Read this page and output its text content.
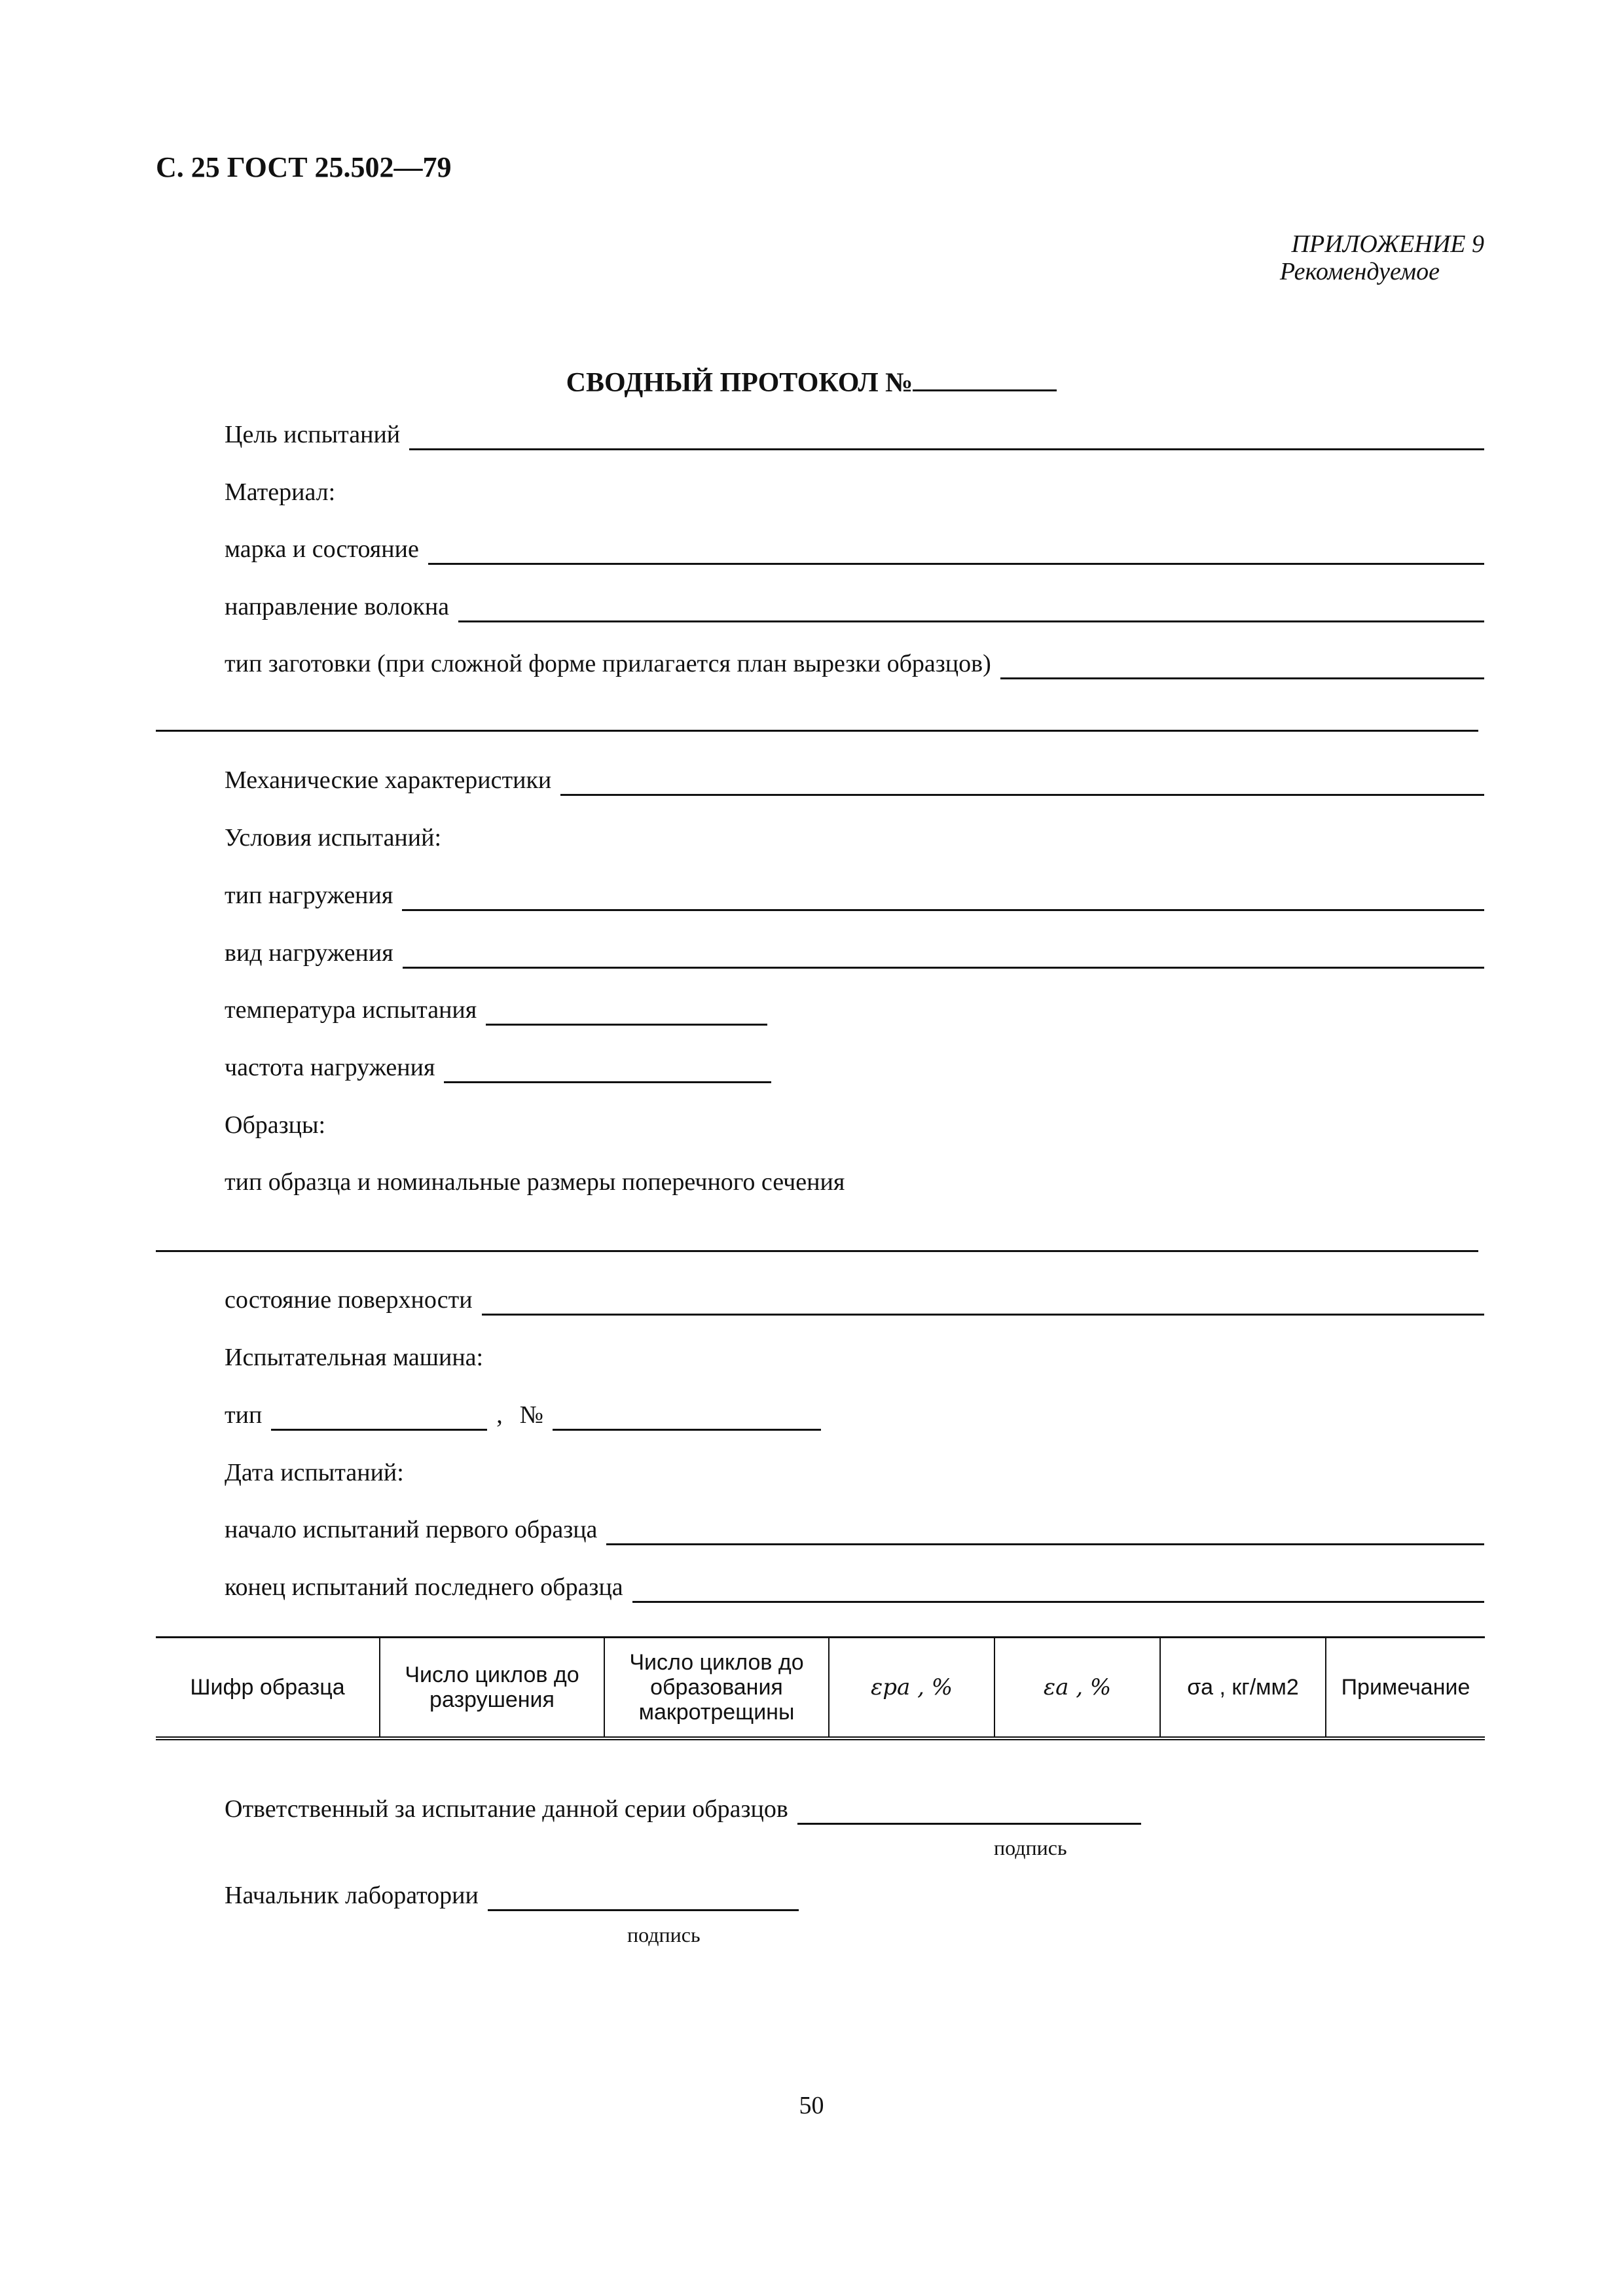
С. 25 ГОСТ 25.502—79
ПРИЛОЖЕНИЕ 9
Рекомендуемое
СВОДНЫЙ ПРОТОКОЛ №
Цель испытаний
Материал:
марка и состояние
направление волокна
тип заготовки (при сложной форме прилагается план вырезки образцов)
Механические характеристики
Условия испытаний:
тип нагружения
вид нагружения
температура испытания
частота нагружения
Образцы:
тип образца и номинальные размеры поперечного сечения
состояние поверхности
Испытательная машина:
тип	, №
Дата испытаний:
начало испытаний первого образца
конец испытаний последнего образца
Шифр образца	Число циклов до разрушения	Число циклов до образования макротрещины	εpa , %	εa , %	σa , кг/мм2	Примечание
Ответственный за испытание данной серии образцов
подпись
Начальник лаборатории
подпись
50
